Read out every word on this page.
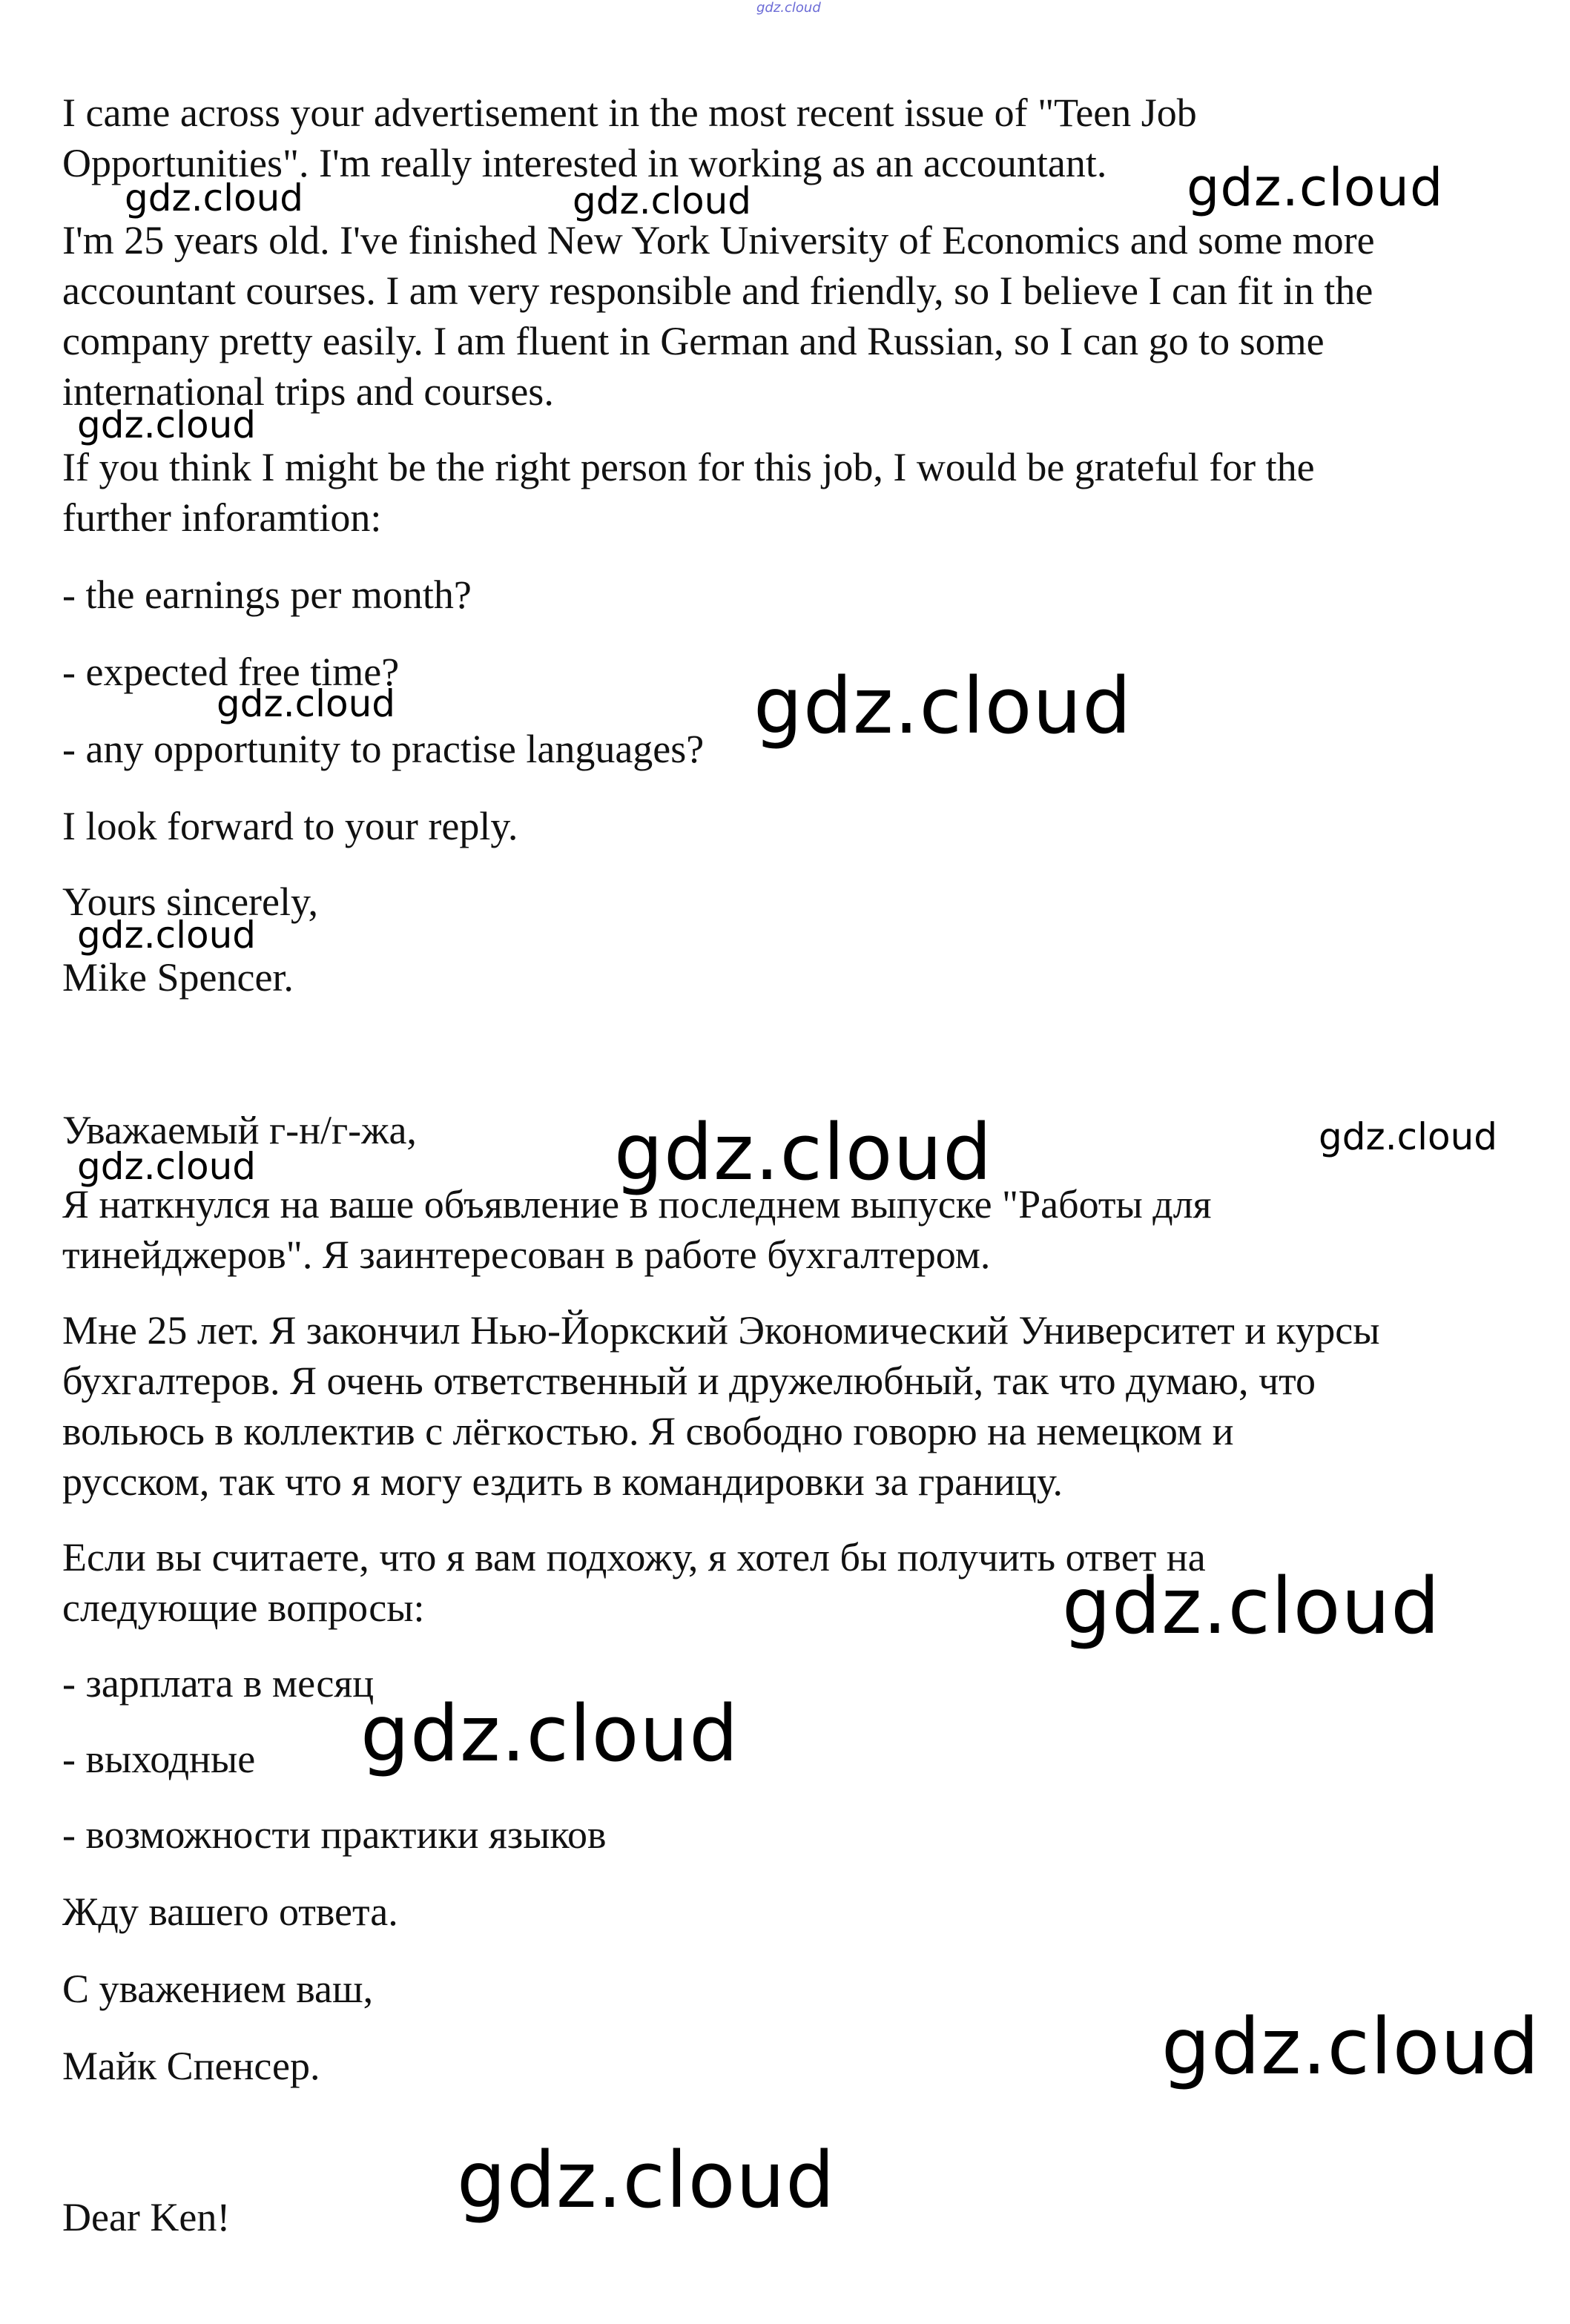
gdz.cloud

I came across your advertisement in the most recent issue of "Teen Job

Opportunities". I'm really interested in working as an accountant.

I'm 25 years old. I've finished New York University of Economics and some more

accountant courses. I am very responsible and friendly, so I believe I can fit in the

company pretty easily. I am fluent in German and Russian, so I can go to some

international trips and courses.

If you think I might be the right person for this job, I would be grateful for the

further inforamtion:

- the earnings per month?

- expected free time?

- any opportunity to practise languages?

I look forward to your reply.

Yours sincerely,

Mike Spencer.

Уважаемый г-н/г-жа,

Я наткнулся на ваше объявление в последнем выпуске "Работы для

тинейджеров". Я заинтересован в работе бухгалтером.

Мне 25 лет. Я закончил Нью-Йоркский Экономический Университет и курсы

бухгалтеров. Я очень ответственный и дружелюбный, так что думаю, что

вольюсь в коллектив с лёгкостью. Я свободно говорю на немецком и

русском, так что я могу ездить в командировки за границу.

Если вы считаете, что я вам подхожу, я хотел бы получить ответ на

следующие вопросы:

- зарплата в месяц

- выходные

- возможности практики языков

Жду вашего ответа.

С уважением ваш,

Майк Спенсер.

Dear Ken!

gdz.cloud	gdz.cloud	gdz.cloud
gdz.cloud
gdz.cloud	gdz.cloud
gdz.cloud
gdz.cloud	gdz.cloud
gdz.cloud
gdz.cloud
gdz.cloud
gdz.cloud
gdz.cloud
